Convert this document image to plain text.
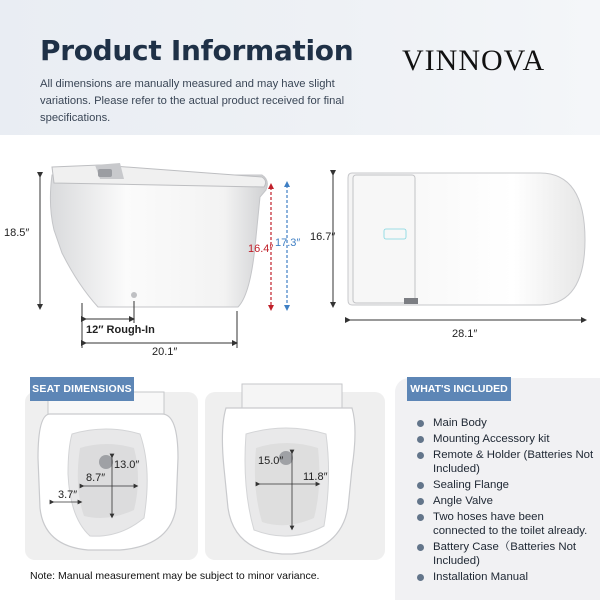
Product Information VINNOVA

All dimensions are manually measured and may have slight variations. Please refer to the actual product received for final specifications.

18.5″
16.4″ 17.3″
12″ Rough-In
20.1″
16.7″
28.1″
13.0″
8.7″
3.7″
15.0″
11.8″
SEAT DIMENSIONS	WHAT'S INCLUDED
Main Body
Mounting Accessory kit
Remote & Holder (Batteries Not Included)
Sealing Flange
Angle Valve
Two hoses have been connected to the toilet already.
Battery Case（Batteries Not Included)
Installation Manual
Note: Manual measurement may be subject to minor variance.
